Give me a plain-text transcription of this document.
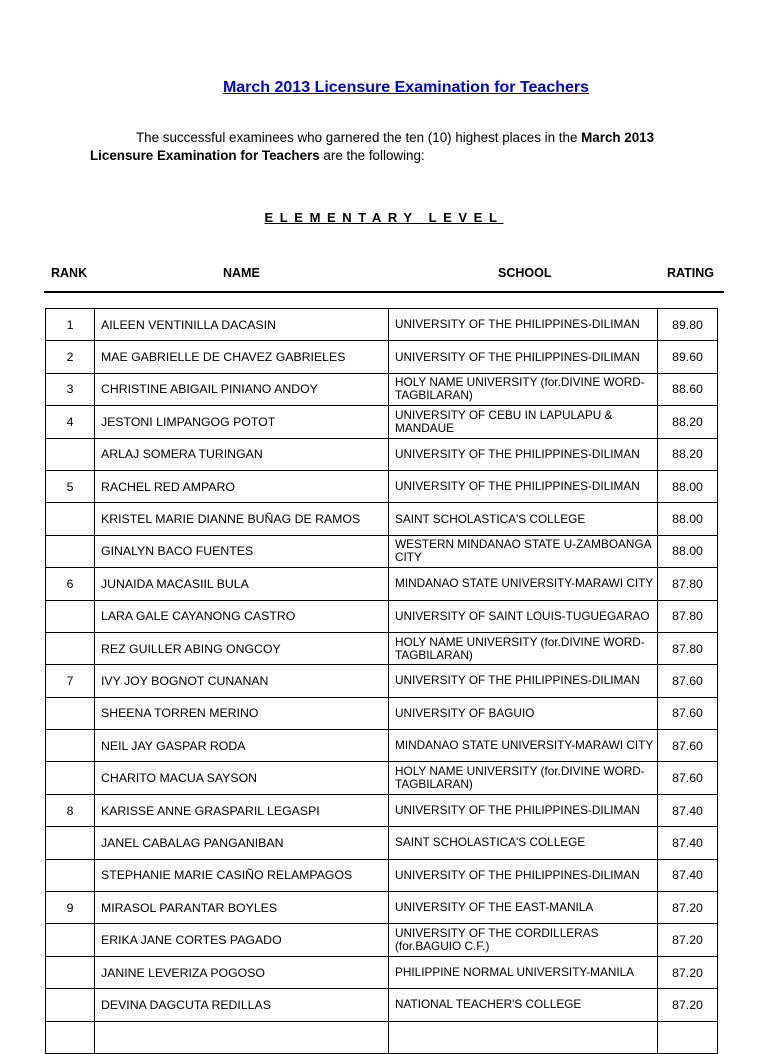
March 2013 Licensure Examination for Teachers
The successful examinees who garnered the ten (10) highest places in the March 2013 Licensure Examination for Teachers are the following:
ELEMENTARY LEVEL
RANK	NAME	SCHOOL	RATING
1	AILEEN VENTINILLA DACASIN	UNIVERSITY OF THE PHILIPPINES-DILIMAN	89.80
2	MAE GABRIELLE DE CHAVEZ GABRIELES	UNIVERSITY OF THE PHILIPPINES-DILIMAN	89.60
3	CHRISTINE ABIGAIL PINIANO ANDOY	HOLY NAME UNIVERSITY (for.DIVINE WORD-TAGBILARAN)	88.60
4	JESTONI LIMPANGOG POTOT	UNIVERSITY OF CEBU IN LAPULAPU & MANDAUE	88.20
	ARLAJ SOMERA TURINGAN	UNIVERSITY OF THE PHILIPPINES-DILIMAN	88.20
5	RACHEL RED AMPARO	UNIVERSITY OF THE PHILIPPINES-DILIMAN	88.00
	KRISTEL MARIE DIANNE BUÑAG DE RAMOS	SAINT SCHOLASTICA'S COLLEGE	88.00
	GINALYN BACO FUENTES	WESTERN MINDANAO STATE U-ZAMBOANGA CITY	88.00
6	JUNAIDA MACASIIL BULA	MINDANAO STATE UNIVERSITY-MARAWI CITY	87.80
	LARA GALE CAYANONG CASTRO	UNIVERSITY OF SAINT LOUIS-TUGUEGARAO	87.80
	REZ GUILLER ABING ONGCOY	HOLY NAME UNIVERSITY (for.DIVINE WORD-TAGBILARAN)	87.80
7	IVY JOY BOGNOT CUNANAN	UNIVERSITY OF THE PHILIPPINES-DILIMAN	87.60
	SHEENA TORREN MERINO	UNIVERSITY OF BAGUIO	87.60
	NEIL JAY GASPAR RODA	MINDANAO STATE UNIVERSITY-MARAWI CITY	87.60
	CHARITO MACUA SAYSON	HOLY NAME UNIVERSITY (for.DIVINE WORD-TAGBILARAN)	87.60
8	KARISSE ANNE GRASPARIL LEGASPI	UNIVERSITY OF THE PHILIPPINES-DILIMAN	87.40
	JANEL CABALAG PANGANIBAN	SAINT SCHOLASTICA'S COLLEGE	87.40
	STEPHANIE MARIE CASIÑO RELAMPAGOS	UNIVERSITY OF THE PHILIPPINES-DILIMAN	87.40
9	MIRASOL PARANTAR BOYLES	UNIVERSITY OF THE EAST-MANILA	87.20
	ERIKA JANE CORTES PAGADO	UNIVERSITY OF THE CORDILLERAS (for.BAGUIO C.F.)	87.20
	JANINE LEVERIZA POGOSO	PHILIPPINE NORMAL UNIVERSITY-MANILA	87.20
	DEVINA DAGCUTA REDILLAS	NATIONAL TEACHER'S COLLEGE	87.20
